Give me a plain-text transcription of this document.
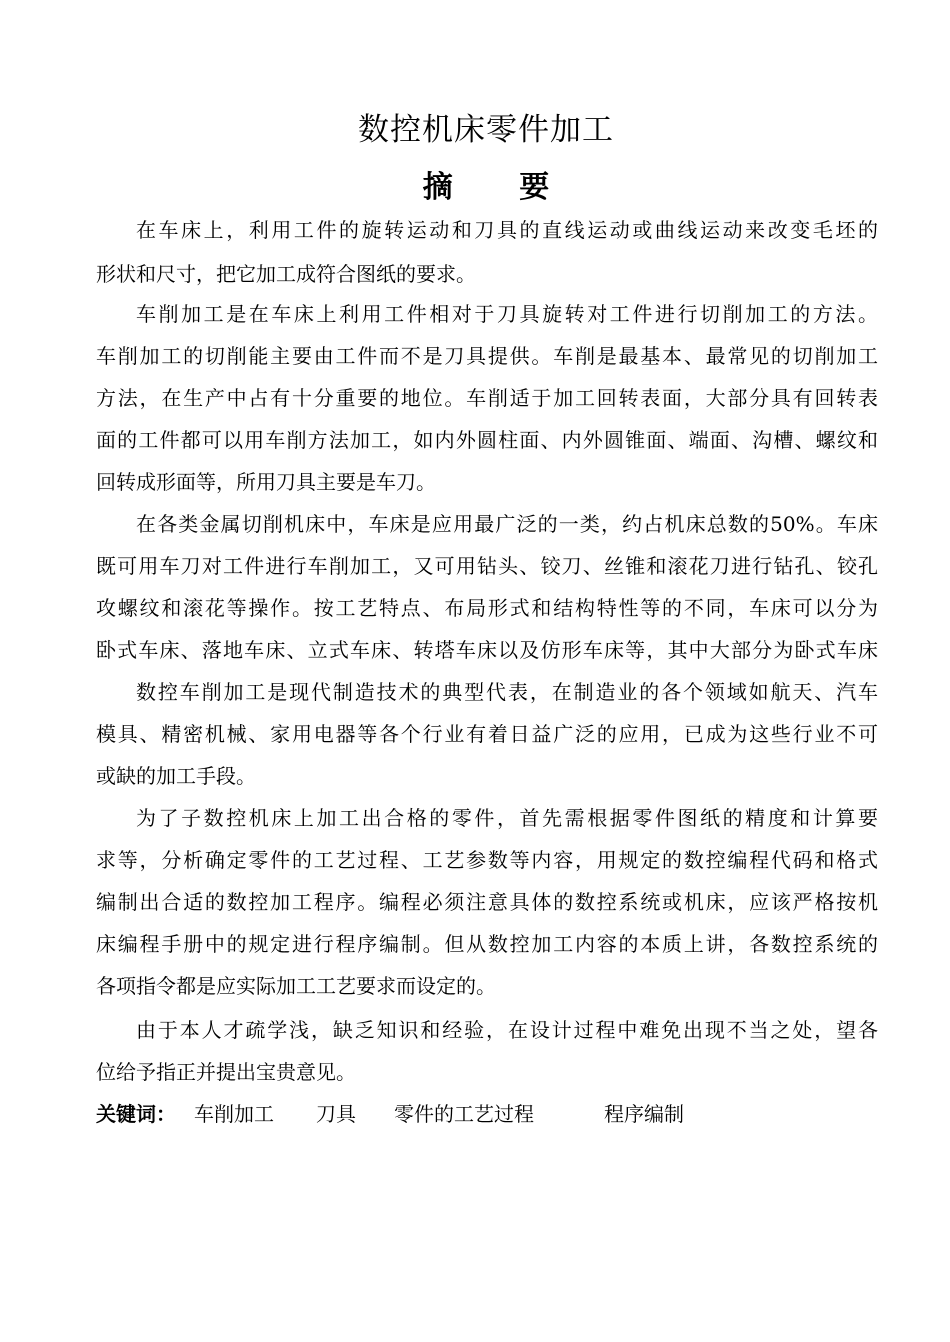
数控机床零件加工
摘 要
在车床上，利用工件的旋转运动和刀具的直线运动或曲线运动来改变毛坯的
形状和尺寸，把它加工成符合图纸的要求。
车削加工是在车床上利用工件相对于刀具旋转对工件进行切削加工的方法。
车削加工的切削能主要由工件而不是刀具提供。车削是最基本、最常见的切削加工
方法，在生产中占有十分重要的地位。车削适于加工回转表面，大部分具有回转表
面的工件都可以用车削方法加工，如内外圆柱面、内外圆锥面、端面、沟槽、螺纹和
回转成形面等，所用刀具主要是车刀。
在各类金属切削机床中，车床是应用最广泛的一类，约占机床总数的50%。车床
既可用车刀对工件进行车削加工，又可用钻头、铰刀、丝锥和滚花刀进行钻孔、铰孔
攻螺纹和滚花等操作。按工艺特点、布局形式和结构特性等的不同，车床可以分为
卧式车床、落地车床、立式车床、转塔车床以及仿形车床等，其中大部分为卧式车床
数控车削加工是现代制造技术的典型代表，在制造业的各个领域如航天、汽车
模具、精密机械、家用电器等各个行业有着日益广泛的应用，已成为这些行业不可
或缺的加工手段。
为了子数控机床上加工出合格的零件，首先需根据零件图纸的精度和计算要
求等，分析确定零件的工艺过程、工艺参数等内容，用规定的数控编程代码和格式
编制出合适的数控加工程序。编程必须注意具体的数控系统或机床，应该严格按机
床编程手册中的规定进行程序编制。但从数控加工内容的本质上讲，各数控系统的
各项指令都是应实际加工工艺要求而设定的。
由于本人才疏学浅，缺乏知识和经验，在设计过程中难免出现不当之处，望各
位给予指正并提出宝贵意见。
关键词： 车削加工 刀具 零件的工艺过程	程序编制
